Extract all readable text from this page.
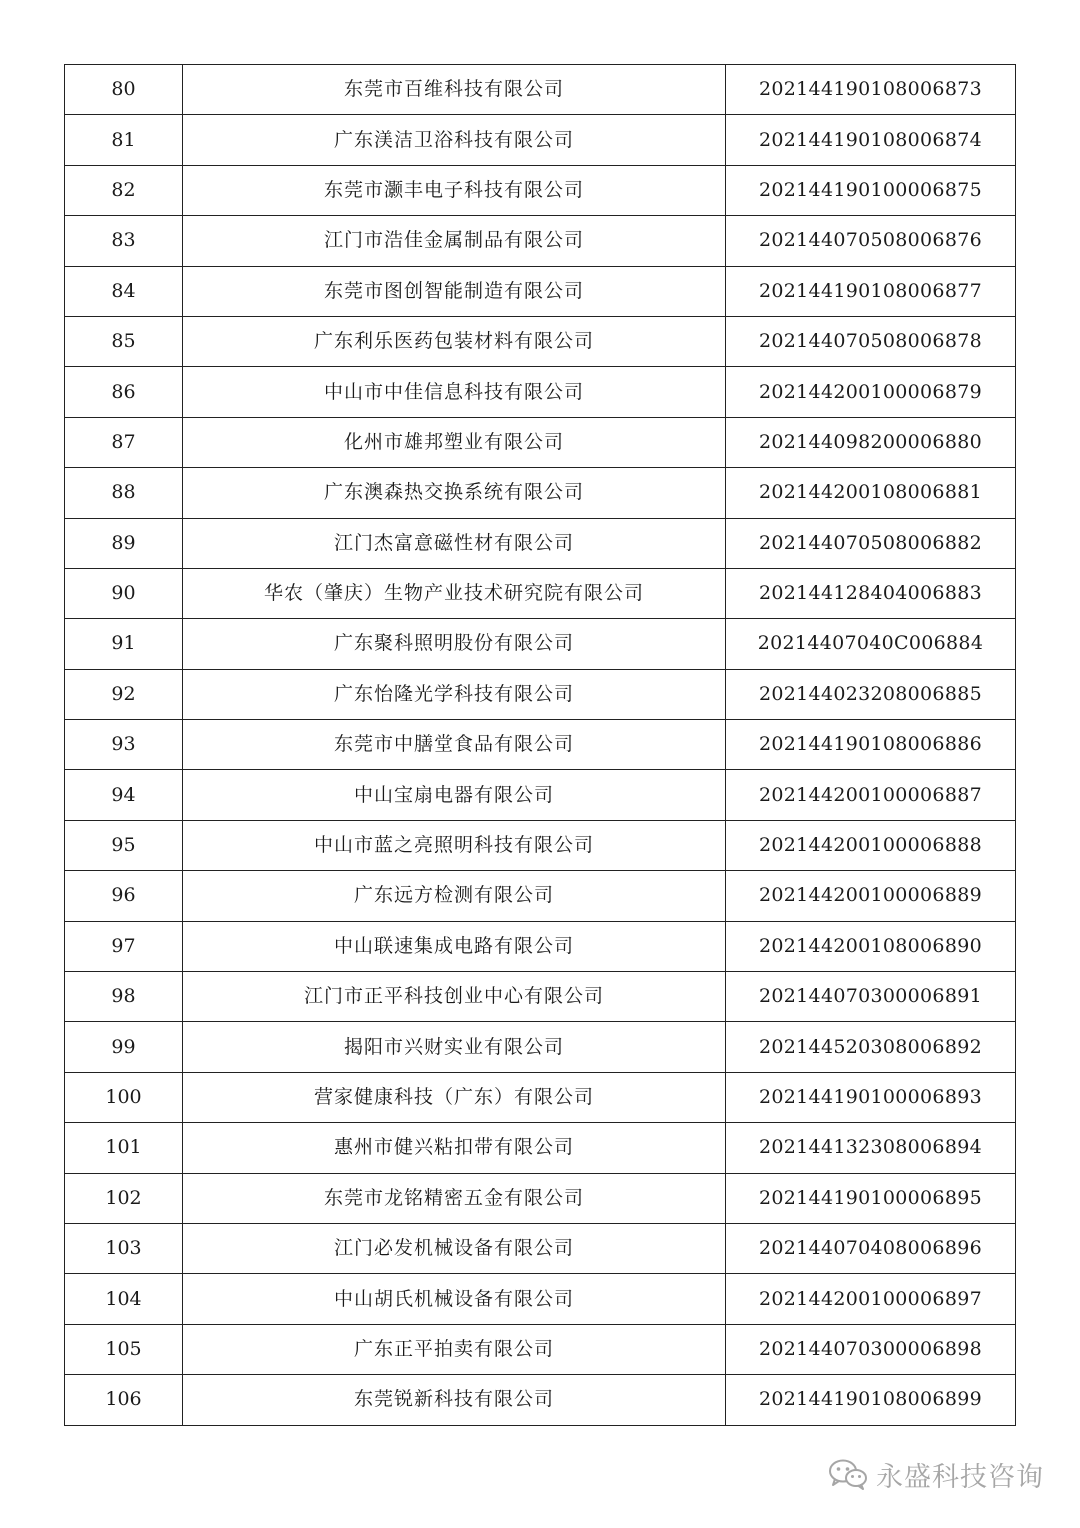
80	东莞市百维科技有限公司	202144190108006873
81	广东渼洁卫浴科技有限公司	202144190108006874
82	东莞市灏丰电子科技有限公司	202144190100006875
83	江门市浩佳金属制品有限公司	202144070508006876
84	东莞市图创智能制造有限公司	202144190108006877
85	广东利乐医药包装材料有限公司	202144070508006878
86	中山市中佳信息科技有限公司	202144200100006879
87	化州市雄邦塑业有限公司	202144098200006880
88	广东澳森热交换系统有限公司	202144200108006881
89	江门杰富意磁性材有限公司	202144070508006882
90	华农（肇庆）生物产业技术研究院有限公司	202144128404006883
91	广东聚科照明股份有限公司	20214407040C006884
92	广东怡隆光学科技有限公司	202144023208006885
93	东莞市中膳堂食品有限公司	202144190108006886
94	中山宝扇电器有限公司	202144200100006887
95	中山市蓝之亮照明科技有限公司	202144200100006888
96	广东远方检测有限公司	202144200100006889
97	中山联速集成电路有限公司	202144200108006890
98	江门市正平科技创业中心有限公司	202144070300006891
99	揭阳市兴财实业有限公司	202144520308006892
100	营家健康科技（广东）有限公司	202144190100006893
101	惠州市健兴粘扣带有限公司	202144132308006894
102	东莞市龙铭精密五金有限公司	202144190100006895
103	江门必发机械设备有限公司	202144070408006896
104	中山胡氏机械设备有限公司	202144200100006897
105	广东正平拍卖有限公司	202144070300006898
106	东莞锐新科技有限公司	202144190108006899
永盛科技咨询
